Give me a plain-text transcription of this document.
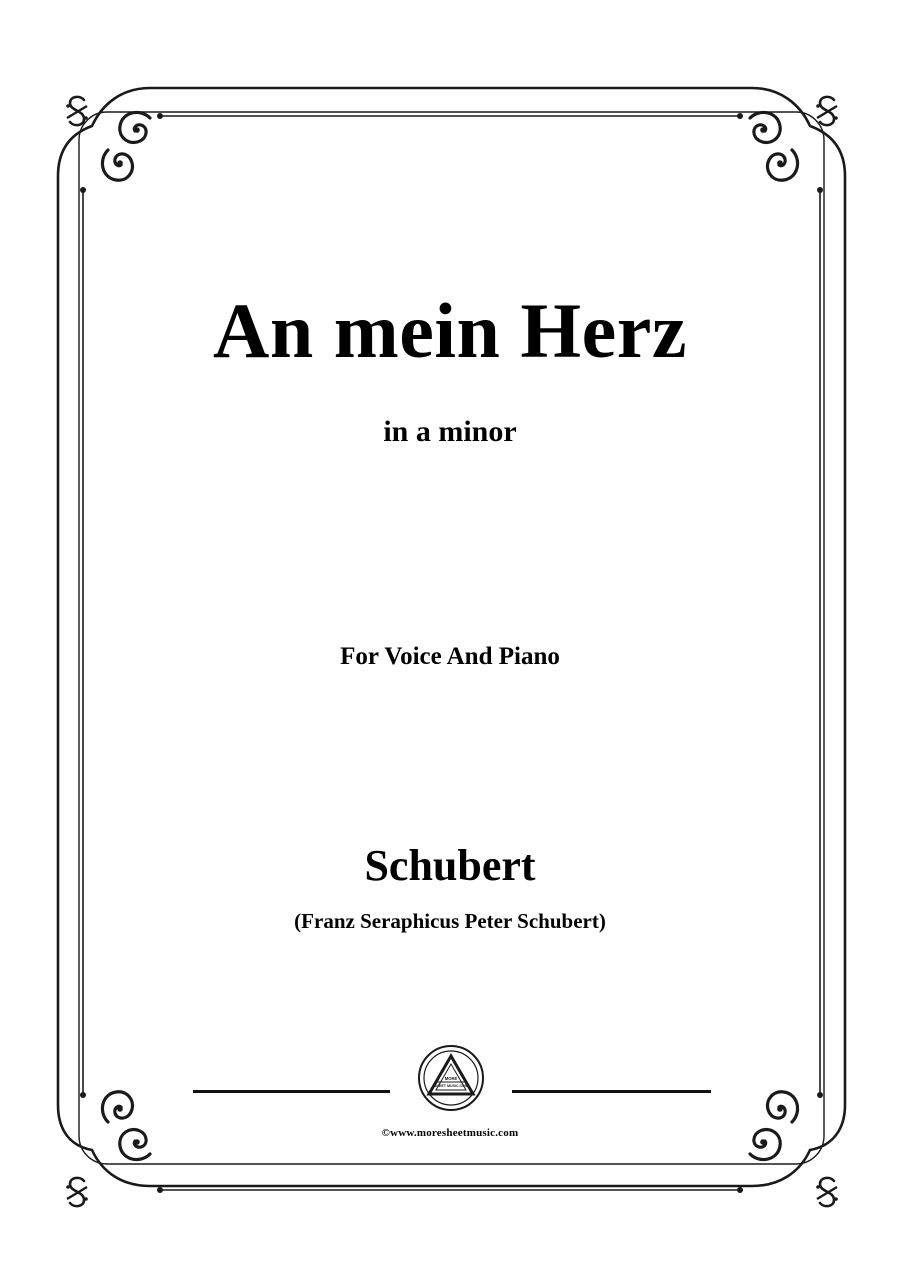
An mein Herz
in a minor
For Voice And Piano
Schubert
(Franz Seraphicus Peter Schubert)
MORE
SHEET MUSIC.COM
©www.moresheetmusic.com
